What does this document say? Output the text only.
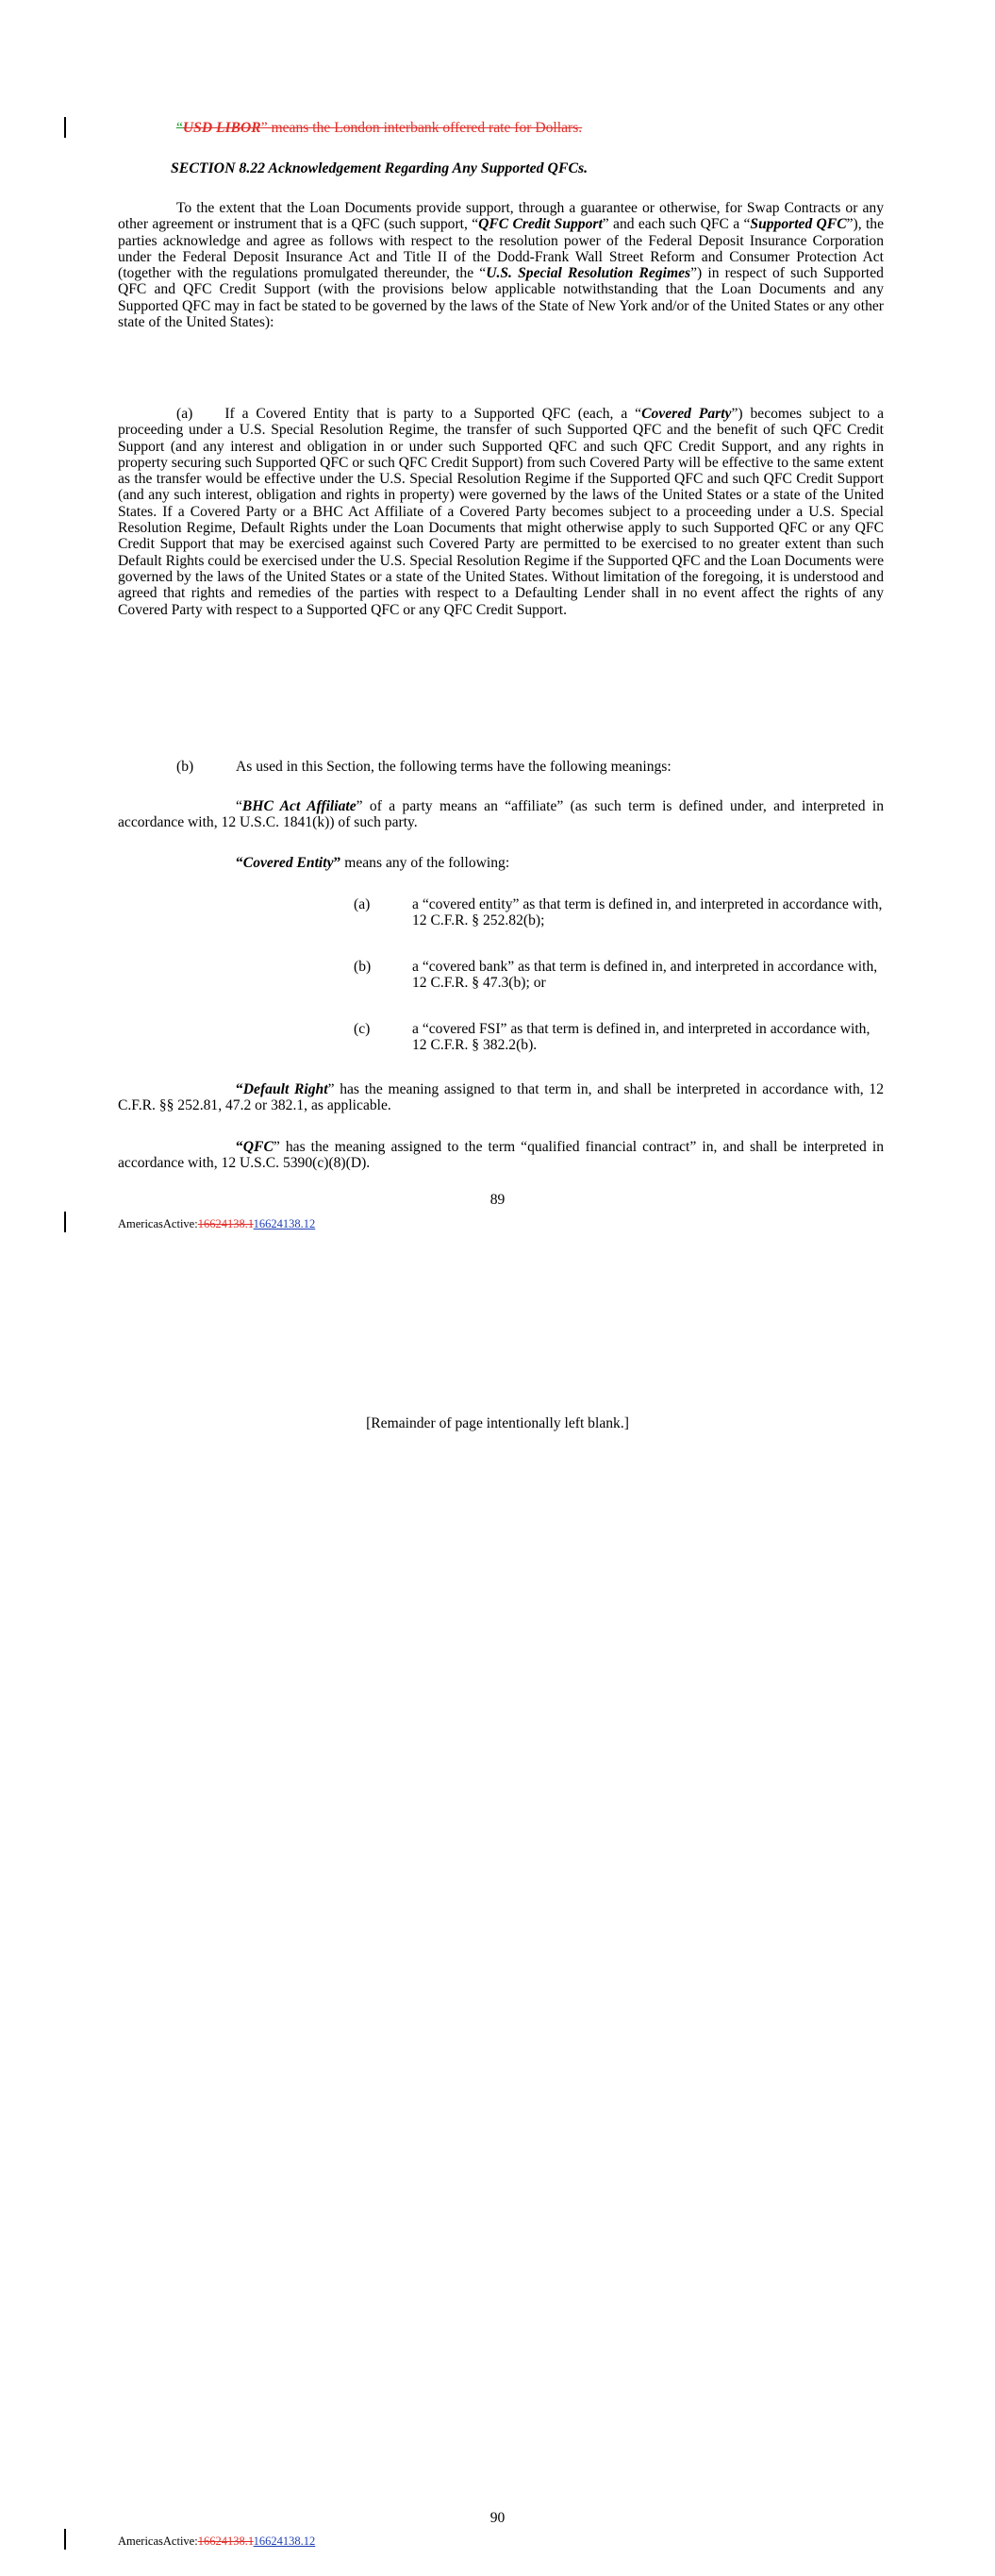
“USD LIBOR” means the London interbank offered rate for Dollars.
SECTION 8.22 Acknowledgement Regarding Any Supported QFCs.
To the extent that the Loan Documents provide support, through a guarantee or otherwise, for Swap Contracts or any other agreement or instrument that is a QFC (such support, “QFC Credit Support” and each such QFC a “Supported QFC”), the parties acknowledge and agree as follows with respect to the resolution power of the Federal Deposit Insurance Corporation under the Federal Deposit Insurance Act and Title II of the Dodd-Frank Wall Street Reform and Consumer Protection Act (together with the regulations promulgated thereunder, the “U.S. Special Resolution Regimes”) in respect of such Supported QFC and QFC Credit Support (with the provisions below applicable notwithstanding that the Loan Documents and any Supported QFC may in fact be stated to be governed by the laws of the State of New York and/or of the United States or any other state of the United States):
(a) If a Covered Entity that is party to a Supported QFC (each, a “Covered Party”) becomes subject to a proceeding under a U.S. Special Resolution Regime, the transfer of such Supported QFC and the benefit of such QFC Credit Support (and any interest and obligation in or under such Supported QFC and such QFC Credit Support, and any rights in property securing such Supported QFC or such QFC Credit Support) from such Covered Party will be effective to the same extent as the transfer would be effective under the U.S. Special Resolution Regime if the Supported QFC and such QFC Credit Support (and any such interest, obligation and rights in property) were governed by the laws of the United States or a state of the United States. If a Covered Party or a BHC Act Affiliate of a Covered Party becomes subject to a proceeding under a U.S. Special Resolution Regime, Default Rights under the Loan Documents that might otherwise apply to such Supported QFC or any QFC Credit Support that may be exercised against such Covered Party are permitted to be exercised to no greater extent than such Default Rights could be exercised under the U.S. Special Resolution Regime if the Supported QFC and the Loan Documents were governed by the laws of the United States or a state of the United States. Without limitation of the foregoing, it is understood and agreed that rights and remedies of the parties with respect to a Defaulting Lender shall in no event affect the rights of any Covered Party with respect to a Supported QFC or any QFC Credit Support.
(b)	As used in this Section, the following terms have the following meanings:
“BHC Act Affiliate” of a party means an “affiliate” (as such term is defined under, and interpreted in accordance with, 12 U.S.C. 1841(k)) of such party.
“Covered Entity” means any of the following:
(a)	a “covered entity” as that term is defined in, and interpreted in accordance with, 12 C.F.R. § 252.82(b);
(b)	a “covered bank” as that term is defined in, and interpreted in accordance with, 12 C.F.R. § 47.3(b); or
(c)	a “covered FSI” as that term is defined in, and interpreted in accordance with, 12 C.F.R. § 382.2(b).
“Default Right” has the meaning assigned to that term in, and shall be interpreted in accordance with, 12 C.F.R. §§ 252.81, 47.2 or 382.1, as applicable.
“QFC” has the meaning assigned to the term “qualified financial contract” in, and shall be interpreted in accordance with, 12 U.S.C. 5390(c)(8)(D).
89
AmericasActive:16624138.116624138.12
[Remainder of page intentionally left blank.]
90
AmericasActive:16624138.116624138.12
